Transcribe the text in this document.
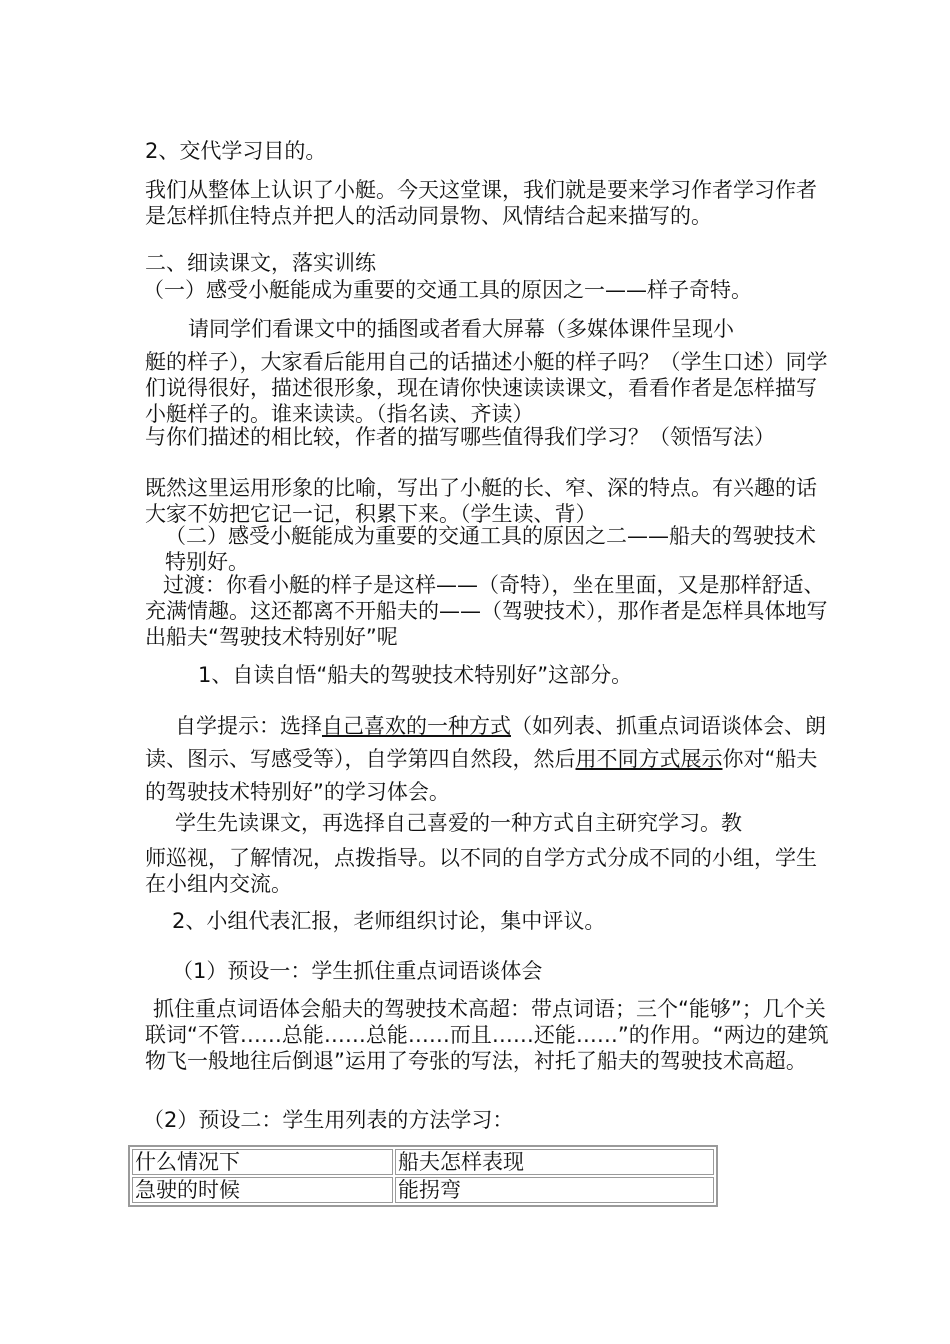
2、交代学习目的。

我们从整体上认识了小艇。今天这堂课，我们就是要来学习作者学习作者是怎样抓住特点并把人的活动同景物、风情结合起来描写的。

二、细读课文，落实训练

（一）感受小艇能成为重要的交通工具的原因之一——样子奇特。

请同学们看课文中的插图或者看大屏幕（多媒体课件呈现小

艇的样子），大家看后能用自己的话描述小艇的样子吗？（学生口述）同学们说得很好，描述很形象，现在请你快速读读课文，看看作者是怎样描写小艇样子的。谁来读读。（指名读、齐读）

与你们描述的相比较，作者的描写哪些值得我们学习？（领悟写法）

既然这里运用形象的比喻，写出了小艇的长、窄、深的特点。有兴趣的话大家不妨把它记一记，积累下来。（学生读、背）

（二）感受小艇能成为重要的交通工具的原因之二——船夫的驾驶技术特别好。

过渡：你看小艇的样子是这样——（奇特），坐在里面，又是那样舒适、充满情趣。这还都离不开船夫的——（驾驶技术），那作者是怎样具体地写出船夫“驾驶技术特别好”呢

1、自读自悟“船夫的驾驶技术特别好”这部分。

自学提示：选择自己喜欢的一种方式（如列表、抓重点词语谈体会、朗读、图示、写感受等），自学第四自然段，然后用不同方式展示你对“船夫的驾驶技术特别好”的学习体会。

学生先读课文，再选择自己喜爱的一种方式自主研究学习。教

师巡视，了解情况，点拨指导。以不同的自学方式分成不同的小组，学生在小组内交流。

2、小组代表汇报，老师组织讨论，集中评议。

（1）预设一：学生抓住重点词语谈体会

抓住重点词语体会船夫的驾驶技术高超：带点词语；三个“能够”；几个关联词“不管……总能……总能……而且……还能……”的作用。“两边的建筑物飞一般地往后倒退”运用了夸张的写法，衬托了船夫的驾驶技术高超。

（2）预设二：学生用列表的方法学习：

什么情况下	船夫怎样表现
急驶的时候	能拐弯
